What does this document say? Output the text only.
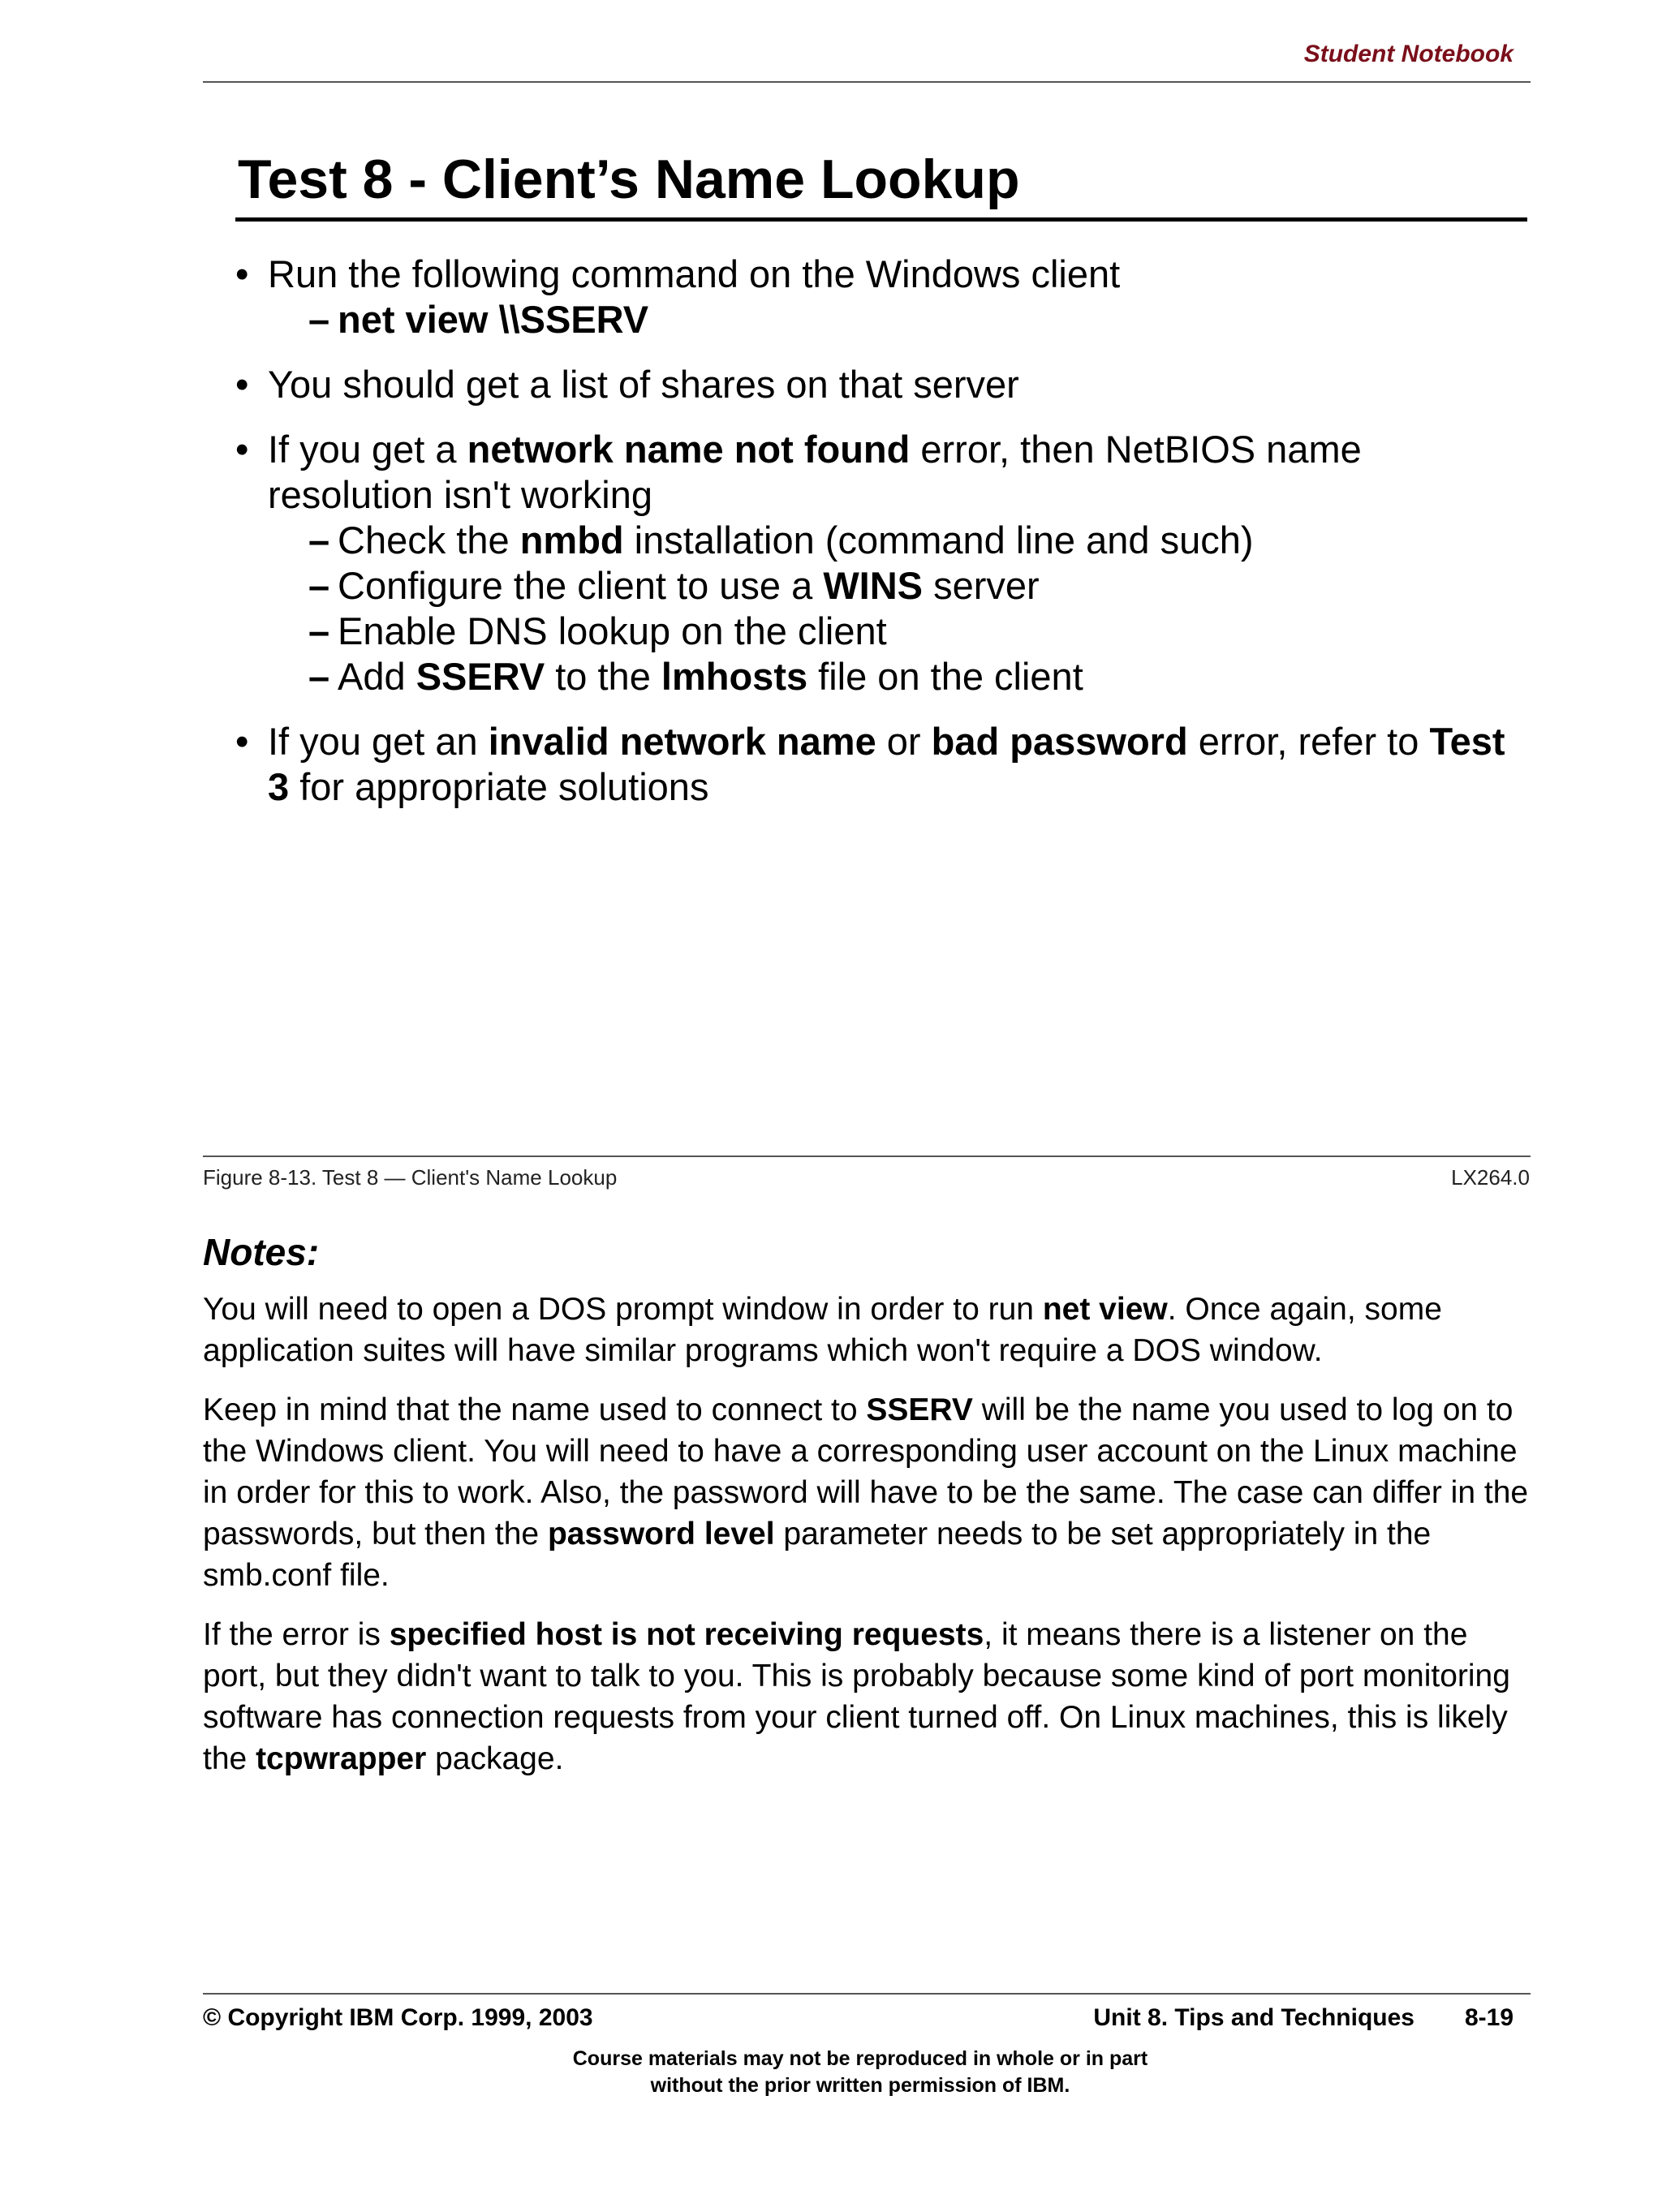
Student Notebook
Test 8 - Client’s Name Lookup
• Run the following command on the Windows client
– net view \\SSERV
• You should get a list of shares on that server
• If you get a network name not found error, then NetBIOS name resolution isn't working
– Check the nmbd installation (command line and such)
– Configure the client to use a WINS server
– Enable DNS lookup on the client
– Add SSERV to the lmhosts file on the client
• If you get an invalid network name or bad password error, refer to Test 3 for appropriate solutions
Figure 8-13. Test 8 — Client's Name Lookup	LX264.0
Notes:

You will need to open a DOS prompt window in order to run net view. Once again, some application suites will have similar programs which won't require a DOS window.

Keep in mind that the name used to connect to SSERV will be the name you used to log on to the Windows client. You will need to have a corresponding user account on the Linux machine in order for this to work. Also, the password will have to be the same. The case can differ in the passwords, but then the password level parameter needs to be set appropriately in the smb.conf file.

If the error is specified host is not receiving requests, it means there is a listener on the port, but they didn't want to talk to you. This is probably because some kind of port monitoring software has connection requests from your client turned off. On Linux machines, this is likely the tcpwrapper package.

© Copyright IBM Corp. 1999, 2003	Unit 8. Tips and Techniques 8-19
Course materials may not be reproduced in whole or in part
without the prior written permission of IBM.
